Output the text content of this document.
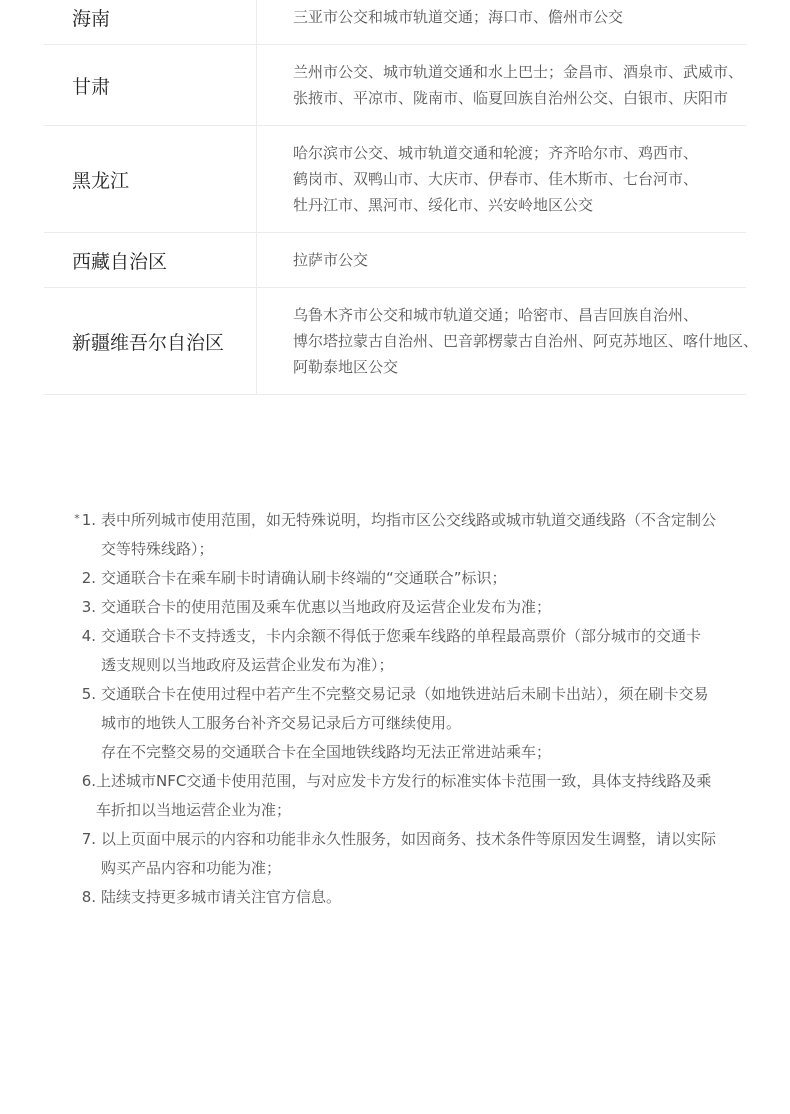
海南	三亚市公交和城市轨道交通；海口市、儋州市公交
甘肃
兰州市公交、城市轨道交通和水上巴士；金昌市、酒泉市、武威市、
张掖市、平凉市、陇南市、临夏回族自治州公交、白银市、庆阳市
黑龙江
哈尔滨市公交、城市轨道交通和轮渡；齐齐哈尔市、鸡西市、
鹤岗市、双鸭山市、大庆市、伊春市、佳木斯市、七台河市、
牡丹江市、黑河市、绥化市、兴安岭地区公交
西藏自治区	拉萨市公交
新疆维吾尔自治区
乌鲁木齐市公交和城市轨道交通；哈密市、昌吉回族自治州、
博尔塔拉蒙古自治州、巴音郭楞蒙古自治州、阿克苏地区、喀什地区、
阿勒泰地区公交
* 1. 表中所列城市使用范围，如无特殊说明，均指市区公交线路或城市轨道交通线路（不含定制公
交等特殊线路）；
2. 交通联合卡在乘车刷卡时请确认刷卡终端的“交通联合”标识；
3. 交通联合卡的使用范围及乘车优惠以当地政府及运营企业发布为准；
4. 交通联合卡不支持透支，卡内余额不得低于您乘车线路的单程最高票价（部分城市的交通卡
透支规则以当地政府及运营企业发布为准）；
5. 交通联合卡在使用过程中若产生不完整交易记录（如地铁进站后未刷卡出站），须在刷卡交易
城市的地铁人工服务台补齐交易记录后方可继续使用。
存在不完整交易的交通联合卡在全国地铁线路均无法正常进站乘车；
6. 上述城市NFC交通卡使用范围，与对应发卡方发行的标准实体卡范围一致，具体支持线路及乘
车折扣以当地运营企业为准；
7. 以上页面中展示的内容和功能非永久性服务，如因商务、技术条件等原因发生调整，请以实际
购买产品内容和功能为准；
8. 陆续支持更多城市请关注官方信息。
